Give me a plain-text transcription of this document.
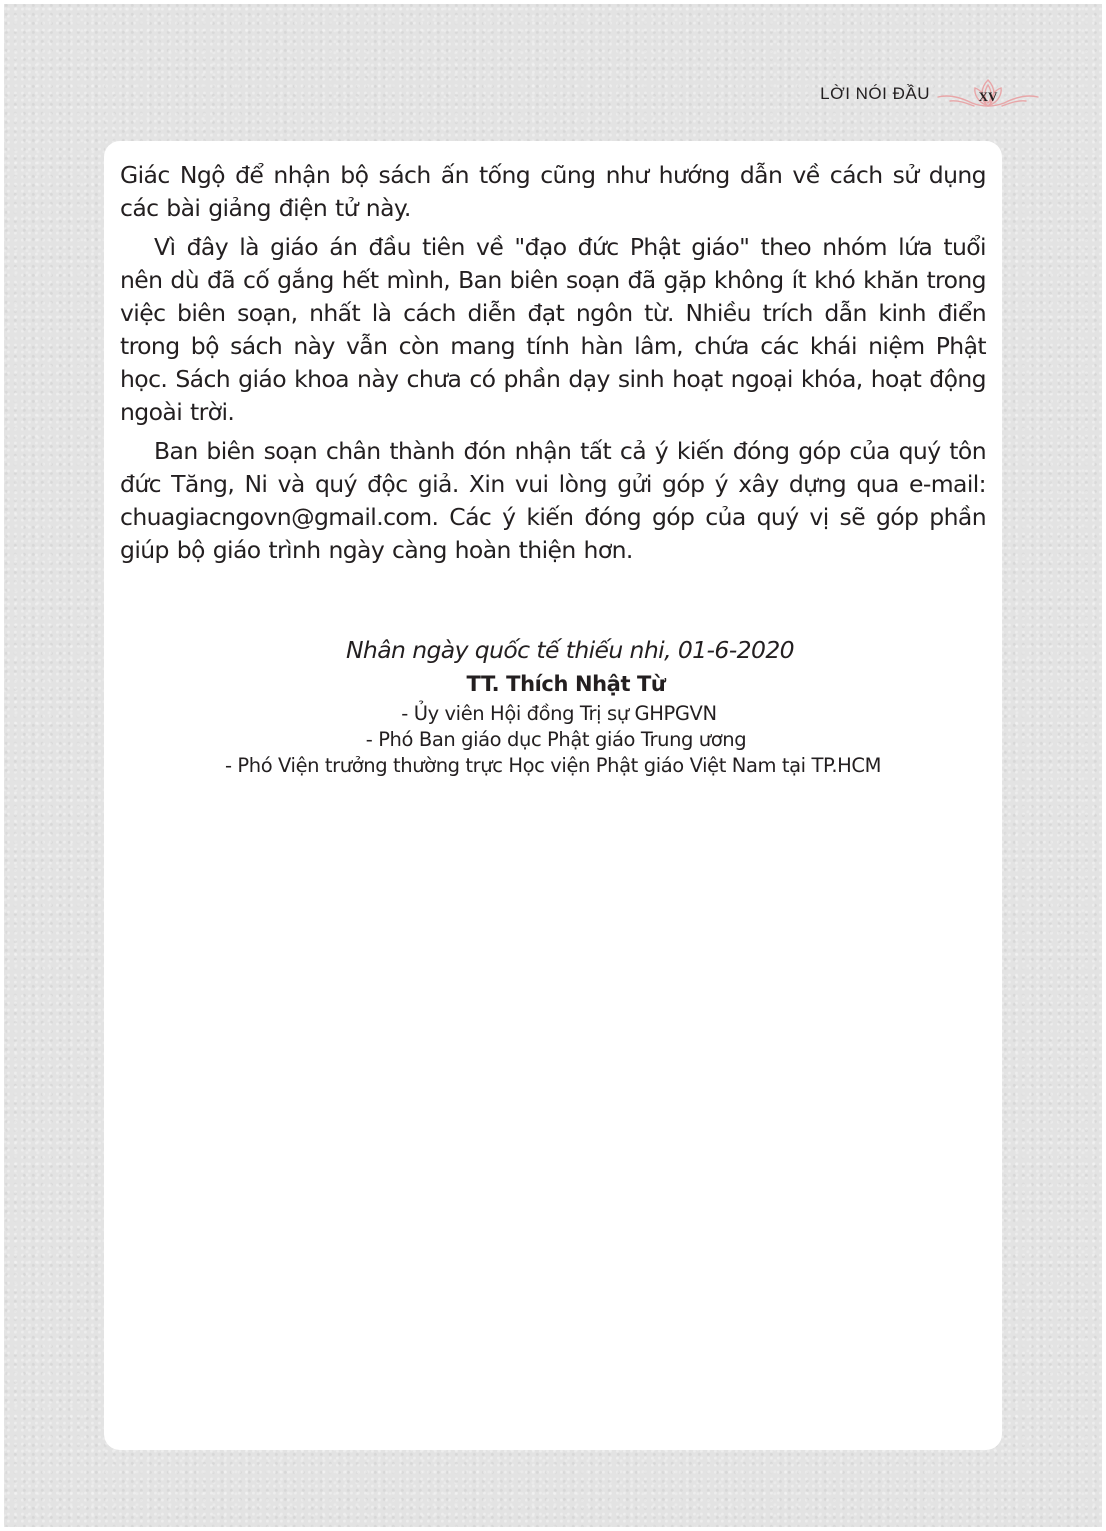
LỜI NÓI ĐẦU	XV

Giác Ngộ để nhận bộ sách ấn tống cũng như hướng dẫn về cách sử dụng các bài giảng điện tử này.

Vì đây là giáo án đầu tiên về "đạo đức Phật giáo" theo nhóm lứa tuổi nên dù đã cố gắng hết mình, Ban biên soạn đã gặp không ít khó khăn trong việc biên soạn, nhất là cách diễn đạt ngôn từ. Nhiều trích dẫn kinh điển trong bộ sách này vẫn còn mang tính hàn lâm, chứa các khái niệm Phật học. Sách giáo khoa này chưa có phần dạy sinh hoạt ngoại khóa, hoạt động ngoài trời.

Ban biên soạn chân thành đón nhận tất cả ý kiến đóng góp của quý tôn đức Tăng, Ni và quý độc giả. Xin vui lòng gửi góp ý xây dựng qua e-mail: chuagiacngovn@gmail.com. Các ý kiến đóng góp của quý vị sẽ góp phần giúp bộ giáo trình ngày càng hoàn thiện hơn.

Nhân ngày quốc tế thiếu nhi, 01-6-2020
TT. Thích Nhật Từ
- Ủy viên Hội đồng Trị sự GHPGVN
- Phó Ban giáo dục Phật giáo Trung ương
- Phó Viện trưởng thường trực Học viện Phật giáo Việt Nam tại TP.HCM
